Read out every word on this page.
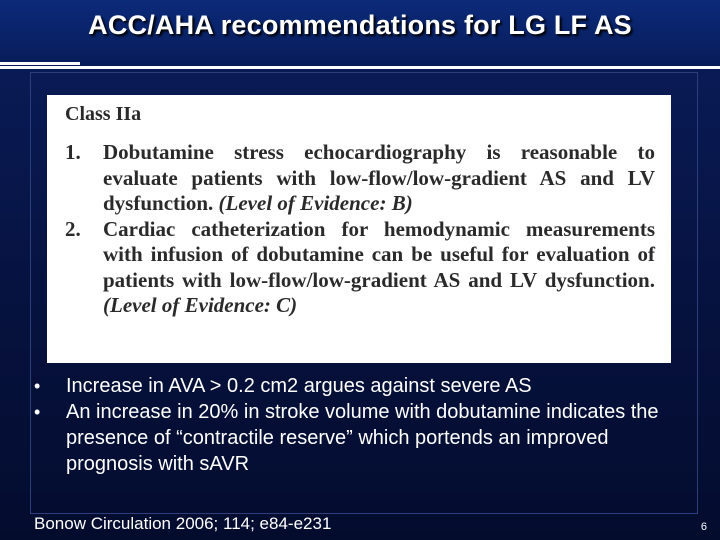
ACC/AHA recommendations for LG LF AS
Class IIa
1.	Dobutamine stress echocardiography is reasonable to evaluate patients with low-flow/low-gradient AS and LV dysfunction. (Level of Evidence: B)
2.	Cardiac catheterization for hemodynamic measurements with infusion of dobutamine can be useful for evaluation of patients with low-flow/low-gradient AS and LV dysfunction. (Level of Evidence: C)
•	Increase in AVA > 0.2 cm2 argues against severe AS
•	An increase in 20% in stroke volume with dobutamine indicates the presence of “contractile reserve” which portends an improved prognosis with sAVR
Bonow Circulation 2006; 114; e84-e231	6
